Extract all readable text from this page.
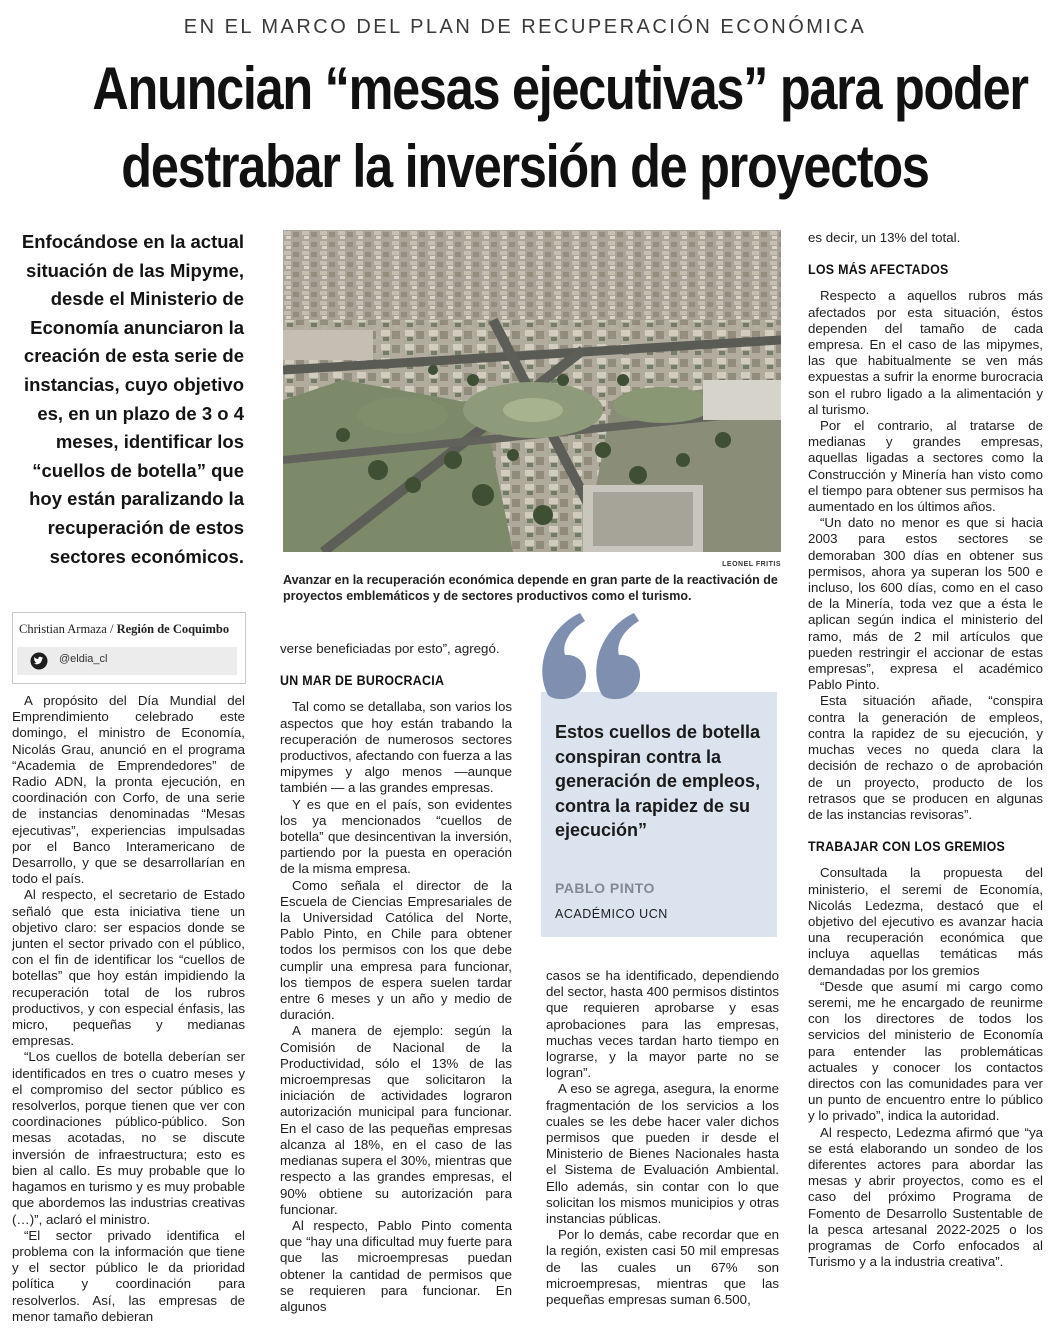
EN EL MARCO DEL PLAN DE RECUPERACIÓN ECONÓMICA
Anuncian “mesas ejecutivas” para poder
destrabar la inversión de proyectos

Enfocándose en la actual situación de las Mipyme, desde el Ministerio de Economía anunciaron la creación de esta serie de instancias, cuyo objetivo es, en un plazo de 3 o 4 meses, identificar los “cuellos de botella” que hoy están paralizando la recuperación de estos sectores económicos.	LEONEL FRITIS

Avanzar en la recuperación económica depende en gran parte de la reactivación de proyectos emblemáticos y de sectores productivos como el turismo.

Christian Armaza / Región de Coquimbo
@eldia_cl

A propósito del Día Mundial del Emprendimiento celebrado este domingo, el ministro de Economía, Nicolás Grau, anunció en el programa “Academia de Emprendedores” de Radio ADN, la pronta ejecución, en coordinación con Corfo, de una serie de instancias denominadas “Mesas ejecutivas”, experiencias impulsadas por el Banco Interamericano de Desarrollo, y que se desarrollarían en todo el país.

Al respecto, el secretario de Estado señaló que esta iniciativa tiene un objetivo claro: ser espacios donde se junten el sector privado con el público, con el fin de identificar los “cuellos de botellas” que hoy están impidiendo la recuperación total de los rubros productivos, y con especial énfasis, las micro, pequeñas y medianas empresas.

“Los cuellos de botella deberían ser identificados en tres o cuatro meses y el compromiso del sector público es resolverlos, porque tienen que ver con coordinaciones público-público. Son mesas acotadas, no se discute inversión de infraestructura; esto es bien al callo. Es muy probable que lo hagamos en turismo y es muy probable que abordemos las industrias creativas (…)”, aclaró el ministro.

“El sector privado identifica el problema con la información que tiene y el sector público le da prioridad política y coordinación para resolverlos. Así, las empresas de menor tamaño debieran

verse beneficiadas por esto”, agregó.

UN MAR DE BUROCRACIA

Tal como se detallaba, son varios los aspectos que hoy están trabando la recuperación de numerosos sectores productivos, afectando con fuerza a las mipymes y algo menos —aunque también — a las grandes empresas.

Y es que en el país, son evidentes los ya mencionados “cuellos de botella” que desincentivan la inversión, partiendo por la puesta en operación de la misma empresa.

Como señala el director de la Escuela de Ciencias Empresariales de la Universidad Católica del Norte, Pablo Pinto, en Chile para obtener todos los permisos con los que debe cumplir una empresa para funcionar, los tiempos de espera suelen tardar entre 6 meses y un año y medio de duración.

A manera de ejemplo: según la Comisión de Nacional de la Productividad, sólo el 13% de las microempresas que solicitaron la iniciación de actividades lograron autorización municipal para funcionar. En el caso de las pequeñas empresas alcanza al 18%, en el caso de las medianas supera el 30%, mientras que respecto a las grandes empresas, el 90% obtiene su autorización para funcionar.

Al respecto, Pablo Pinto comenta que “hay una dificultad muy fuerte para que las microempresas puedan obtener la cantidad de permisos que se requieren para funcionar. En algunos

Estos cuellos de botella conspiran contra la generación de empleos, contra la rapidez de su ejecución”

PABLO PINTO
ACADÉMICO UCN

casos se ha identificado, dependiendo del sector, hasta 400 permisos distintos que requieren aprobarse y esas aprobaciones para las empresas, muchas veces tardan harto tiempo en lograrse, y la mayor parte no se logran”.

A eso se agrega, asegura, la enorme fragmentación de los servicios a los cuales se les debe hacer valer dichos permisos que pueden ir desde el Ministerio de Bienes Nacionales hasta el Sistema de Evaluación Ambiental. Ello además, sin contar con lo que solicitan los mismos municipios y otras instancias públicas.

Por lo demás, cabe recordar que en la región, existen casi 50 mil empresas de las cuales un 67% son microempresas, mientras que las pequeñas empresas suman 6.500,

es decir, un 13% del total.

LOS MÁS AFECTADOS

Respecto a aquellos rubros más afectados por esta situación, éstos dependen del tamaño de cada empresa. En el caso de las mipymes, las que habitualmente se ven más expuestas a sufrir la enorme burocracia son el rubro ligado a la alimentación y al turismo.

Por el contrario, al tratarse de medianas y grandes empresas, aquellas ligadas a sectores como la Construcción y Minería han visto como el tiempo para obtener sus permisos ha aumentado en los últimos años.

“Un dato no menor es que si hacia 2003 para estos sectores se demoraban 300 días en obtener sus permisos, ahora ya superan los 500 e incluso, los 600 días, como en el caso de la Minería, toda vez que a ésta le aplican según indica el ministerio del ramo, más de 2 mil artículos que pueden restringir el accionar de estas empresas”, expresa el académico Pablo Pinto.

Esta situación añade, “conspira contra la generación de empleos, contra la rapidez de su ejecución, y muchas veces no queda clara la decisión de rechazo o de aprobación de un proyecto, producto de los retrasos que se producen en algunas de las instancias revisoras”.

TRABAJAR CON LOS GREMIOS

Consultada la propuesta del ministerio, el seremi de Economía, Nicolás Ledezma, destacó que el objetivo del ejecutivo es avanzar hacia una recuperación económica que incluya aquellas temáticas más demandadas por los gremios

“Desde que asumí mi cargo como seremi, me he encargado de reunirme con los directores de todos los servicios del ministerio de Economía para entender las problemáticas actuales y conocer los contactos directos con las comunidades para ver un punto de encuentro entre lo público y lo privado”, indica la autoridad.

Al respecto, Ledezma afirmó que “ya se está elaborando un sondeo de los diferentes actores para abordar las mesas y abrir proyectos, como es el caso del próximo Programa de Fomento de Desarrollo Sustentable de la pesca artesanal 2022-2025 o los programas de Corfo enfocados al Turismo y a la industria creativa”.
